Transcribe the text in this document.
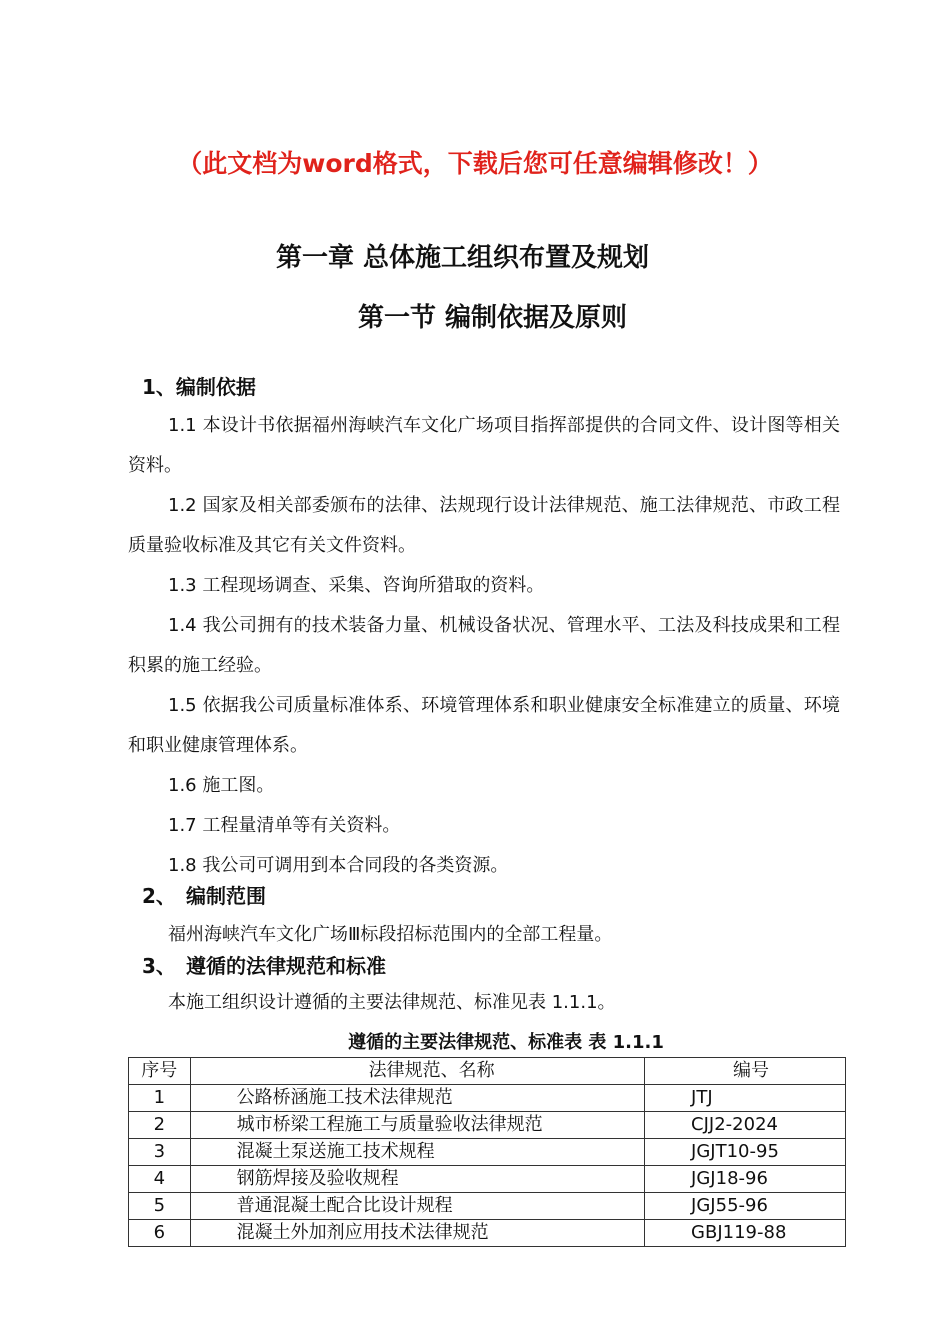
（此文档为word格式，下载后您可任意编辑修改！）
第一章 总体施工组织布置及规划
第一节 编制依据及原则
1、编制依据
1.1 本设计书依据福州海峡汽车文化广场项目指挥部提供的合同文件、设计图等相关资料。
1.2 国家及相关部委颁布的法律、法规现行设计法律规范、施工法律规范、市政工程质量验收标准及其它有关文件资料。
1.3 工程现场调查、采集、咨询所猎取的资料。
1.4 我公司拥有的技术装备力量、机械设备状况、管理水平、工法及科技成果和工程积累的施工经验。
1.5 依据我公司质量标准体系、环境管理体系和职业健康安全标准建立的质量、环境和职业健康管理体系。
1.6 施工图。
1.7 工程量清单等有关资料。
1.8 我公司可调用到本合同段的各类资源。
2、 编制范围
福州海峡汽车文化广场Ⅲ标段招标范围内的全部工程量。
3、 遵循的法律规范和标准
本施工组织设计遵循的主要法律规范、标准见表 1.1.1。
遵循的主要法律规范、标准表 表 1.1.1
序号	法律规范、名称	编号
1	公路桥涵施工技术法律规范	JTJ
2	城市桥梁工程施工与质量验收法律规范	CJJ2-2024
3	混凝土泵送施工技术规程	JGJT10-95
4	钢筋焊接及验收规程	JGJ18-96
5	普通混凝土配合比设计规程	JGJ55-96
6	混凝土外加剂应用技术法律规范	GBJ119-88
